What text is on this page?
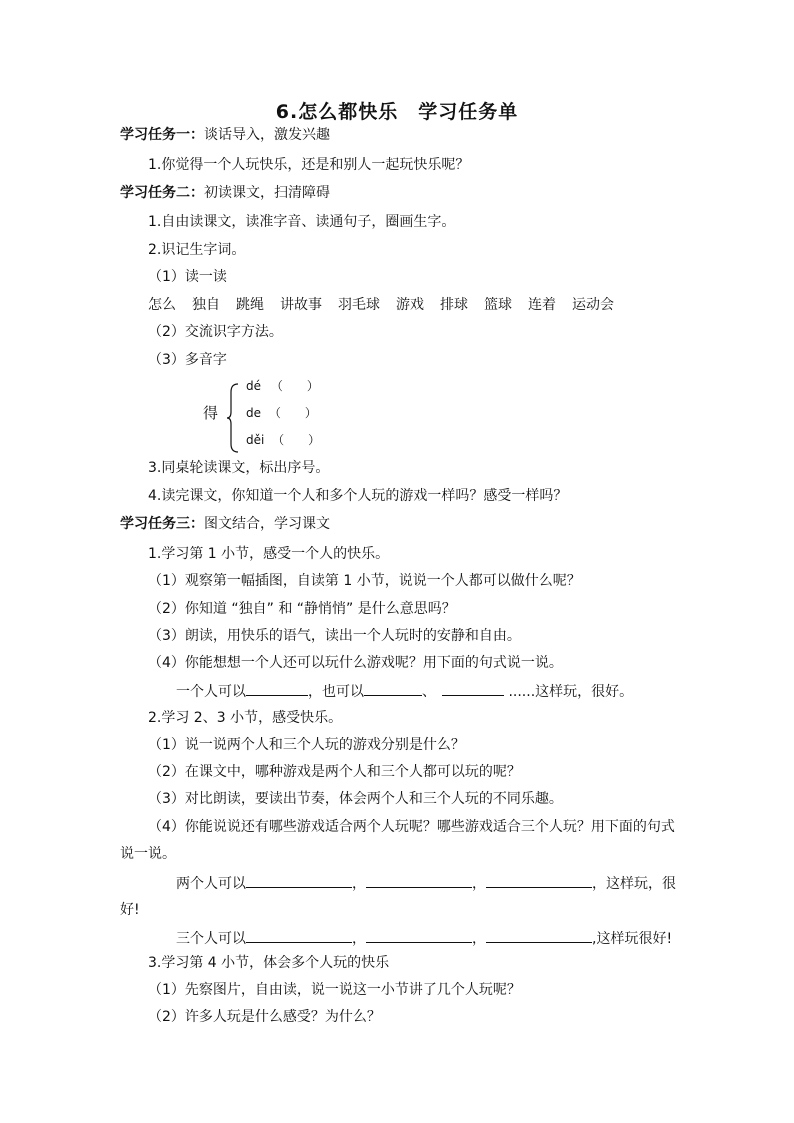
6.怎么都快乐　学习任务单
学习任务一：谈话导入，激发兴趣
1.你觉得一个人玩快乐，还是和别人一起玩快乐呢？
学习任务二：初读课文，扫清障碍
1.自由读课文，读准字音、读通句子，圈画生字。
2.识记生字词。
（1）读一读
怎么 独自 跳绳 讲故事 羽毛球 游戏 排球 篮球 连着 运动会
（2）交流识字方法。
（3）多音字
得
dé （　　）
de （　　）
děi （　　）
3.同桌轮读课文，标出序号。
4.读完课文，你知道一个人和多个人玩的游戏一样吗？感受一样吗？
学习任务三：图文结合，学习课文
1.学习第 1 小节，感受一个人的快乐。
（1）观察第一幅插图，自读第 1 小节，说说一个人都可以做什么呢？
（2）你知道 “独自” 和 “静悄悄” 是什么意思吗？
（3）朗读，用快乐的语气，读出一个人玩时的安静和自由。
（4）你能想想一个人还可以玩什么游戏呢？用下面的句式说一说。
一个人可以	，也可以	、	......这样玩，很好。
2.学习 2、3 小节，感受快乐。
（1）说一说两个人和三个人玩的游戏分别是什么？
（2）在课文中，哪种游戏是两个人和三个人都可以玩的呢？
（3）对比朗读，要读出节奏，体会两个人和三个人玩的不同乐趣。
（4）你能说说还有哪些游戏适合两个人玩呢？哪些游戏适合三个人玩？用下面的句式
说一说。
两个人可以	，	，	，这样玩，很
好!
三个人可以	，	，	,这样玩很好!
3.学习第 4 小节，体会多个人玩的快乐
（1）先察图片，自由读，说一说这一小节讲了几个人玩呢？
（2）许多人玩是什么感受？为什么？
